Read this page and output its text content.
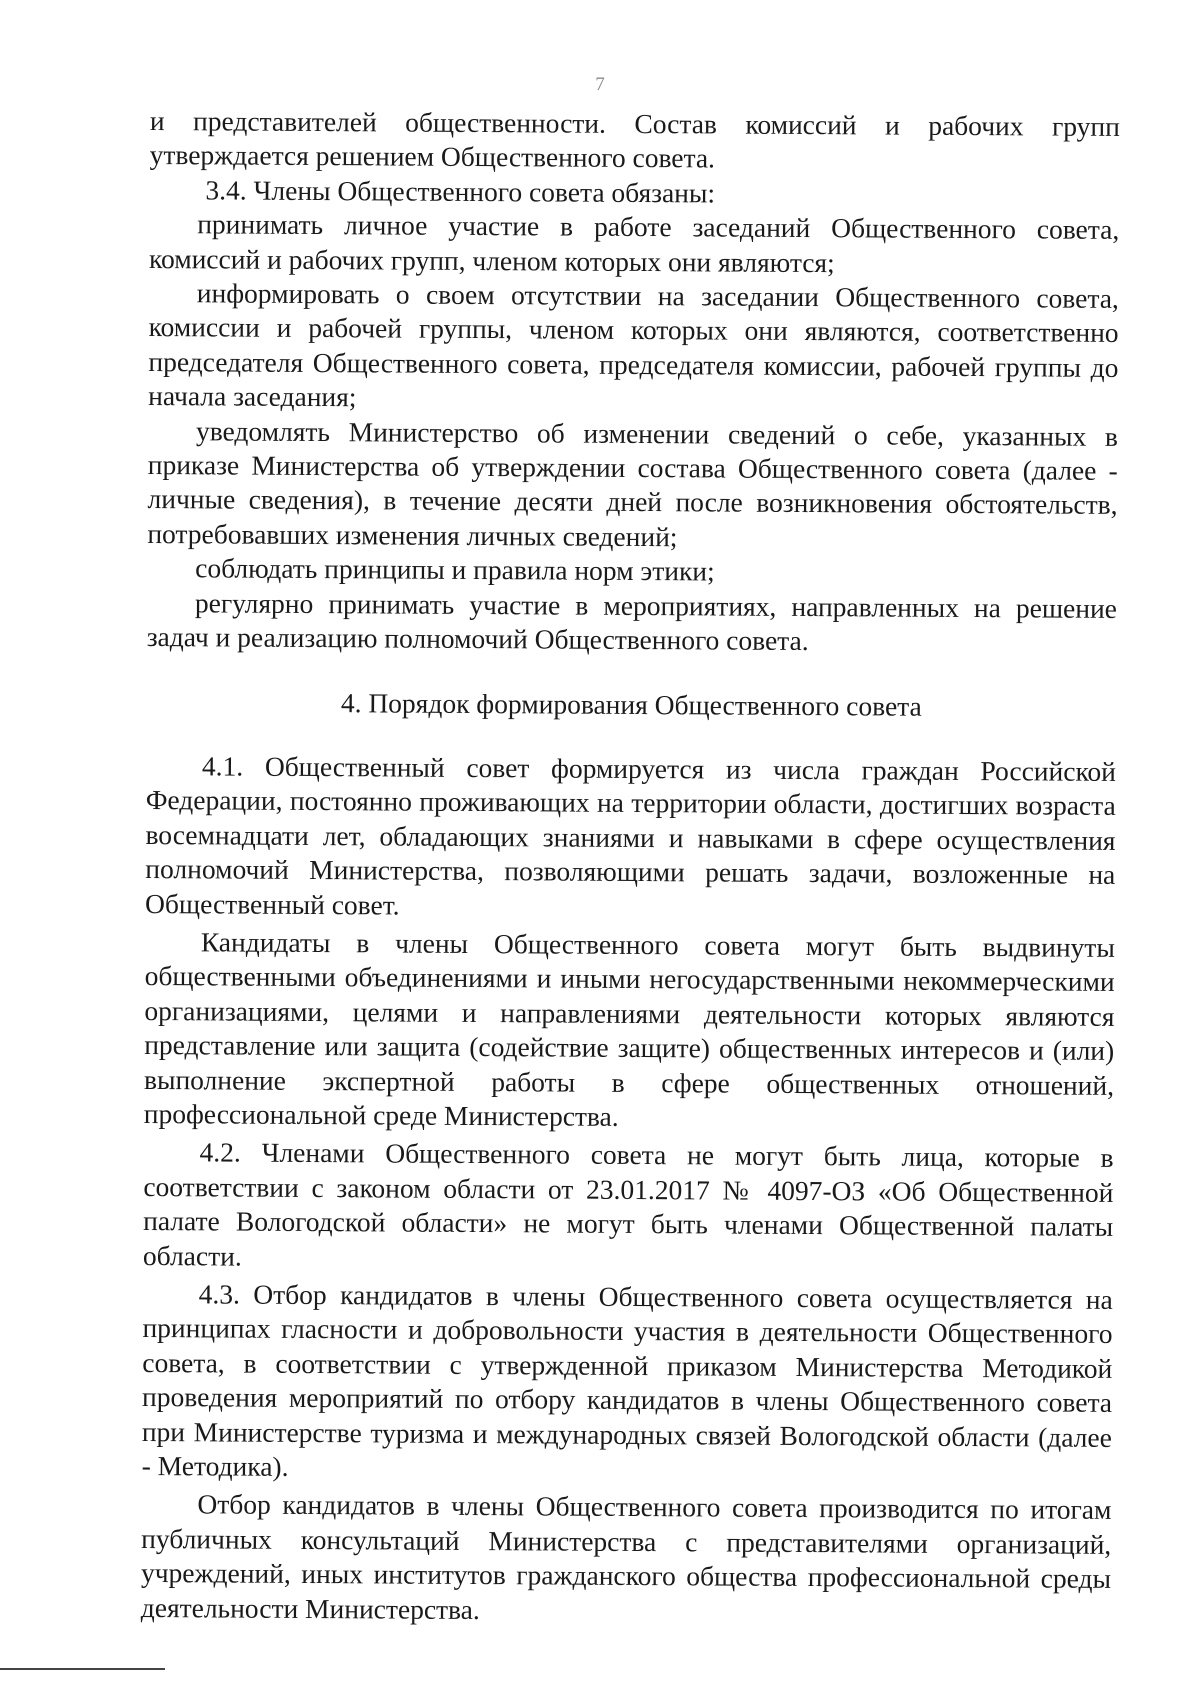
7

и представителей общественности. Состав комиссий и рабочих групп утверждается решением Общественного совета.

3.4. Члены Общественного совета обязаны:

принимать личное участие в работе заседаний Общественного совета, комиссий и рабочих групп, членом которых они являются;

информировать о своем отсутствии на заседании Общественного совета, комиссии и рабочей группы, членом которых они являются, соответственно председателя Общественного совета, председателя комиссии, рабочей группы до начала заседания;

уведомлять Министерство об изменении сведений о себе, указанных в приказе Министерства об утверждении состава Общественного совета (далее - личные сведения), в течение десяти дней после возникновения обстоятельств, потребовавших изменения личных сведений;

соблюдать принципы и правила норм этики;

регулярно принимать участие в мероприятиях, направленных на решение задач и реализацию полномочий Общественного совета.

4. Порядок формирования Общественного совета

4.1. Общественный совет формируется из числа граждан Российской Федерации, постоянно проживающих на территории области, достигших возраста восемнадцати лет, обладающих знаниями и навыками в сфере осуществления полномочий Министерства, позволяющими решать задачи, возложенные на Общественный совет.

Кандидаты в члены Общественного совета могут быть выдвинуты общественными объединениями и иными негосударственными некоммерческими организациями, целями и направлениями деятельности которых являются представление или защита (содействие защите) общественных интересов и (или) выполнение экспертной работы в сфере общественных отношений, профессиональной среде Министерства.

4.2. Членами Общественного совета не могут быть лица, которые в соответствии с законом области от 23.01.2017 № 4097-ОЗ «Об Общественной палате Вологодской области» не могут быть членами Общественной палаты области.

4.3. Отбор кандидатов в члены Общественного совета осуществляется на принципах гласности и добровольности участия в деятельности Общественного совета, в соответствии с утвержденной приказом Министерства Методикой проведения мероприятий по отбору кандидатов в члены Общественного совета при Министерстве туризма и международных связей Вологодской области (далее - Методика).

Отбор кандидатов в члены Общественного совета производится по итогам публичных консультаций Министерства с представителями организаций, учреждений, иных институтов гражданского общества профессиональной среды деятельности Министерства.
